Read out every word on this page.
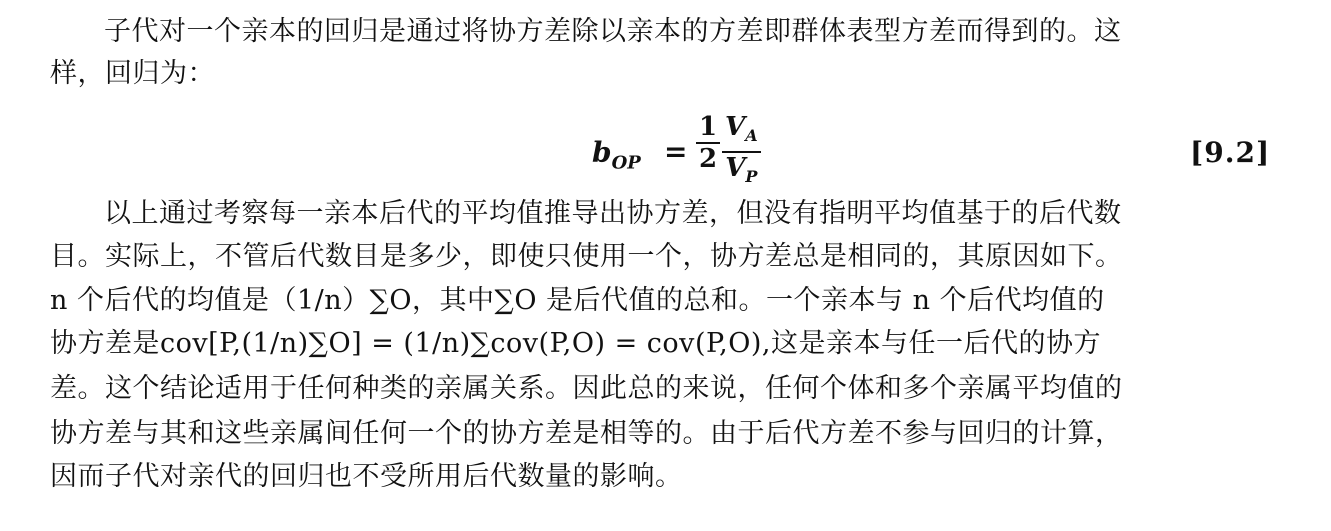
子代对一个亲本的回归是通过将协方差除以亲本的方差即群体表型方差而得到的。这
样，回归为：
$b_{OP}$ =
1
2
$V_A$
$V_P$
[9.2]
以上通过考察每一亲本后代的平均值推导出协方差，但没有指明平均值基于的后代数
目。实际上，不管后代数目是多少，即使只使用一个，协方差总是相同的，其原因如下。
n 个后代的均值是（1/n）∑O，其中∑O 是后代值的总和。一个亲本与 n 个后代均值的
协方差是cov[P,(1/n)∑O] = (1/n)∑cov(P,O) = cov(P,O),这是亲本与任一后代的协方
差。这个结论适用于任何种类的亲属关系。因此总的来说，任何个体和多个亲属平均值的
协方差与其和这些亲属间任何一个的协方差是相等的。由于后代方差不参与回归的计算，
因而子代对亲代的回归也不受所用后代数量的影响。
